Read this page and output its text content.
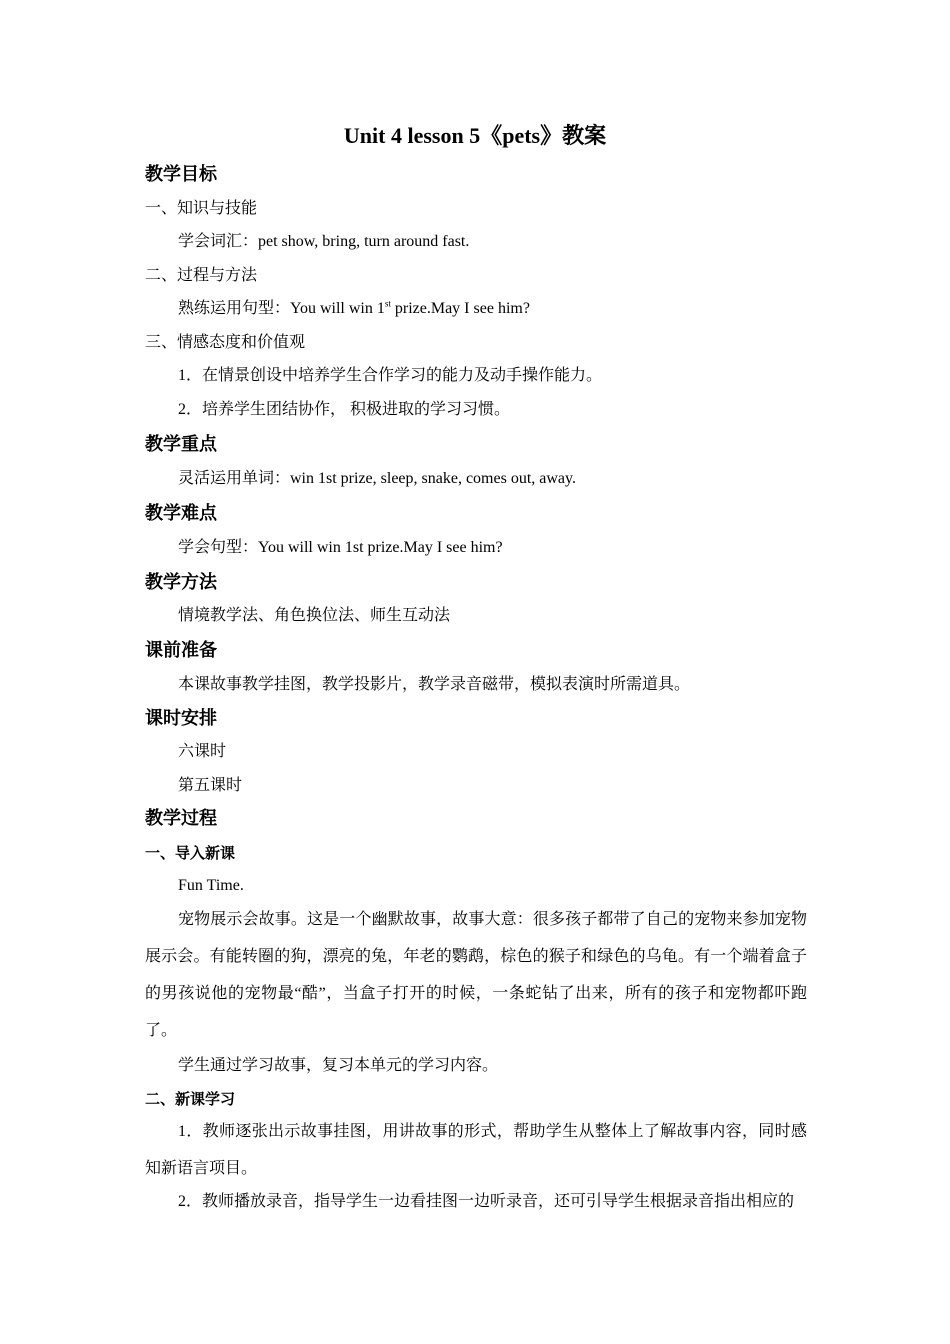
Unit 4 lesson 5《pets》教案
教学目标
一、知识与技能
学会词汇：pet show, bring, turn around fast.
二、过程与方法
熟练运用句型：You will win 1st prize.May I see him?
三、情感态度和价值观
1．在情景创设中培养学生合作学习的能力及动手操作能力。
2．培养学生团结协作， 积极进取的学习习惯。
教学重点
灵活运用单词：win 1st prize, sleep, snake, comes out, away.
教学难点
学会句型：You will win 1st prize.May I see him?
教学方法
情境教学法、角色换位法、师生互动法
课前准备
本课故事教学挂图，教学投影片，教学录音磁带，模拟表演时所需道具。
课时安排
六课时
第五课时
教学过程
一、导入新课
Fun Time.
宠物展示会故事。这是一个幽默故事，故事大意：很多孩子都带了自己的宠物来参加宠物展示会。有能转圈的狗，漂亮的兔，年老的鹦鹉，棕色的猴子和绿色的乌龟。有一个端着盒子的男孩说他的宠物最“酷”，当盒子打开的时候，一条蛇钻了出来，所有的孩子和宠物都吓跑了。
学生通过学习故事，复习本单元的学习内容。
二、新课学习
1．教师逐张出示故事挂图，用讲故事的形式，帮助学生从整体上了解故事内容，同时感知新语言项目。
2．教师播放录音，指导学生一边看挂图一边听录音，还可引导学生根据录音指出相应的
